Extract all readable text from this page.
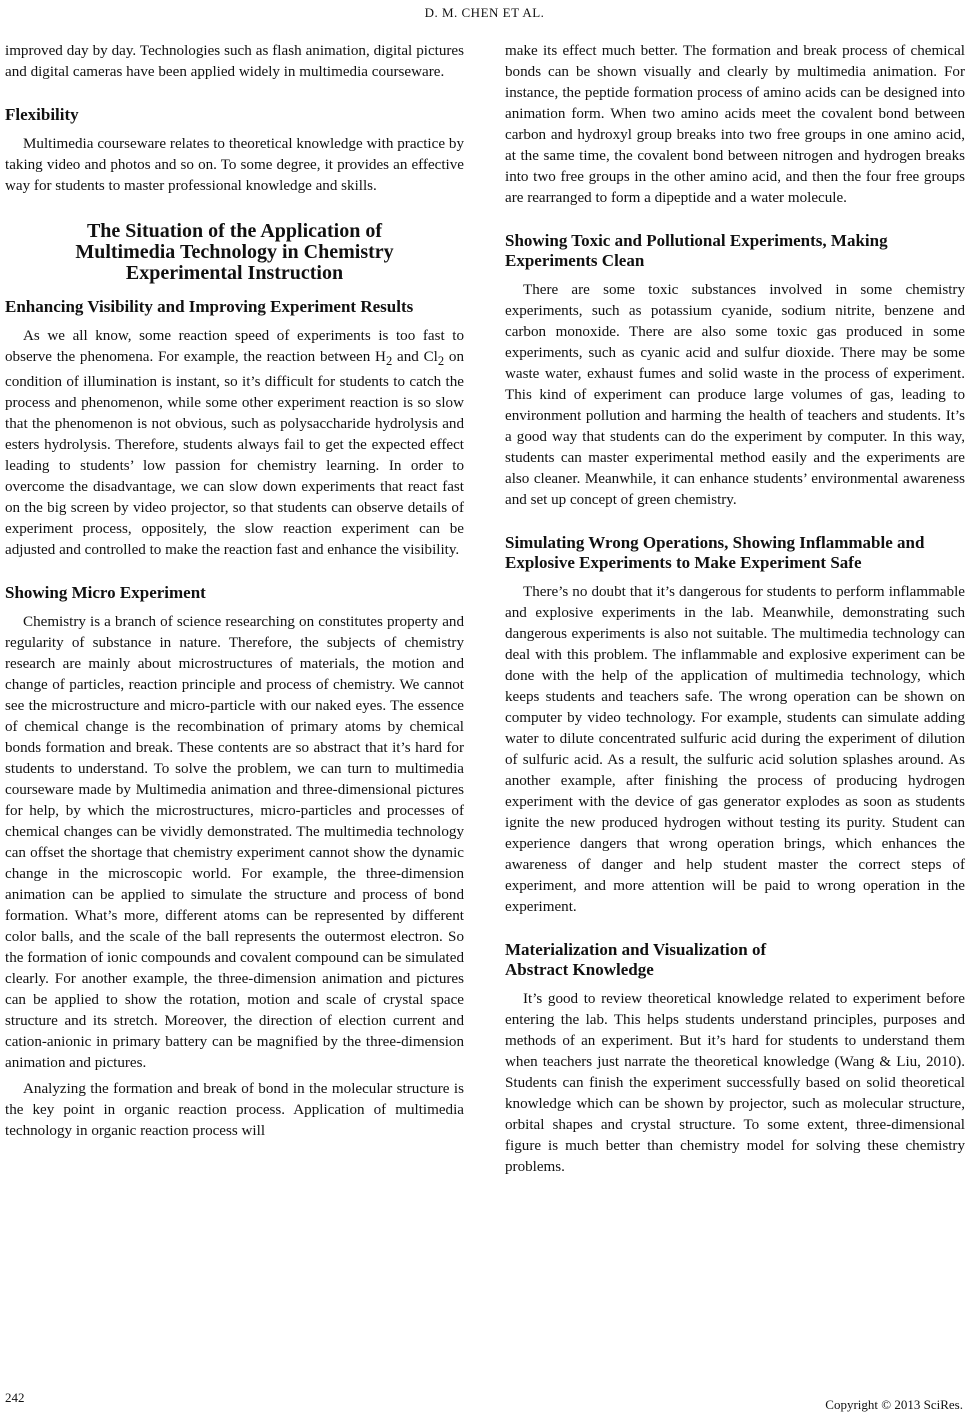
D. M. CHEN ET AL.

improved day by day. Technologies such as flash animation, digital pictures and digital cameras have been applied widely in multimedia courseware.

Flexibility

Multimedia courseware relates to theoretical knowledge with practice by taking video and photos and so on. To some degree, it provides an effective way for students to master professional knowledge and skills.

The Situation of the Application of Multimedia Technology in Chemistry Experimental Instruction
Enhancing Visibility and Improving Experiment Results

As we all know, some reaction speed of experiments is too fast to observe the phenomena. For example, the reaction between $H_2$ and $Cl_2$ on condition of illumination is instant, so it’s difficult for students to catch the process and phenomenon, while some other experiment reaction is so slow that the phenomenon is not obvious, such as polysaccharide hydrolysis and esters hydrolysis. Therefore, students always fail to get the expected effect leading to students’ low passion for chemistry learning. In order to overcome the disadvantage, we can slow down experiments that react fast on the big screen by video projector, so that students can observe details of experiment process, oppositely, the slow reaction experiment can be adjusted and controlled to make the reaction fast and enhance the visibility.

Showing Micro Experiment

Chemistry is a branch of science researching on constitutes property and regularity of substance in nature. Therefore, the subjects of chemistry research are mainly about microstructures of materials, the motion and change of particles, reaction principle and process of chemistry. We cannot see the microstructure and micro-particle with our naked eyes. The essence of chemical change is the recombination of primary atoms by chemical bonds formation and break. These contents are so abstract that it’s hard for students to understand. To solve the problem, we can turn to multimedia courseware made by Multimedia animation and three-dimensional pictures for help, by which the microstructures, micro-particles and processes of chemical changes can be vividly demonstrated. The multimedia technology can offset the shortage that chemistry experiment cannot show the dynamic change in the microscopic world. For example, the three-dimension animation can be applied to simulate the structure and process of bond formation. What’s more, different atoms can be represented by different color balls, and the scale of the ball represents the outermost electron. So the formation of ionic compounds and covalent compound can be simulated clearly. For another example, the three-dimension animation and pictures can be applied to show the rotation, motion and scale of crystal space structure and its stretch. Moreover, the direction of election current and cation-anionic in primary battery can be magnified by the three-dimension animation and pictures.

Analyzing the formation and break of bond in the molecular structure is the key point in organic reaction process. Application of multimedia technology in organic reaction process will

make its effect much better. The formation and break process of chemical bonds can be shown visually and clearly by multimedia animation. For instance, the peptide formation process of amino acids can be designed into animation form. When two amino acids meet the covalent bond between carbon and hydroxyl group breaks into two free groups in one amino acid, at the same time, the covalent bond between nitrogen and hydrogen breaks into two free groups in the other amino acid, and then the four free groups are rearranged to form a dipeptide and a water molecule.

Showing Toxic and Pollutional Experiments, Making Experiments Clean

There are some toxic substances involved in some chemistry experiments, such as potassium cyanide, sodium nitrite, benzene and carbon monoxide. There are also some toxic gas produced in some experiments, such as cyanic acid and sulfur dioxide. There may be some waste water, exhaust fumes and solid waste in the process of experiment. This kind of experiment can produce large volumes of gas, leading to environment pollution and harming the health of teachers and students. It’s a good way that students can do the experiment by computer. In this way, students can master experimental method easily and the experiments are also cleaner. Meanwhile, it can enhance students’ environmental awareness and set up concept of green chemistry.

Simulating Wrong Operations, Showing Inflammable and Explosive Experiments to Make Experiment Safe

There’s no doubt that it’s dangerous for students to perform inflammable and explosive experiments in the lab. Meanwhile, demonstrating such dangerous experiments is also not suitable. The multimedia technology can deal with this problem. The inflammable and explosive experiment can be done with the help of the application of multimedia technology, which keeps students and teachers safe. The wrong operation can be shown on computer by video technology. For example, students can simulate adding water to dilute concentrated sulfuric acid during the experiment of dilution of sulfuric acid. As a result, the sulfuric acid solution splashes around. As another example, after finishing the process of producing hydrogen experiment with the device of gas generator explodes as soon as students ignite the new produced hydrogen without testing its purity. Student can experience dangers that wrong operation brings, which enhances the awareness of danger and help student master the correct steps of experiment, and more attention will be paid to wrong operation in the experiment.

Materialization and Visualization of Abstract Knowledge

It’s good to review theoretical knowledge related to experiment before entering the lab. This helps students understand principles, purposes and methods of an experiment. But it’s hard for students to understand them when teachers just narrate the theoretical knowledge (Wang & Liu, 2010). Students can finish the experiment successfully based on solid theoretical knowledge which can be shown by projector, such as molecular structure, orbital shapes and crystal structure. To some extent, three-dimensional figure is much better than chemistry model for solving these chemistry problems.

242	Copyright © 2013 SciRes.
